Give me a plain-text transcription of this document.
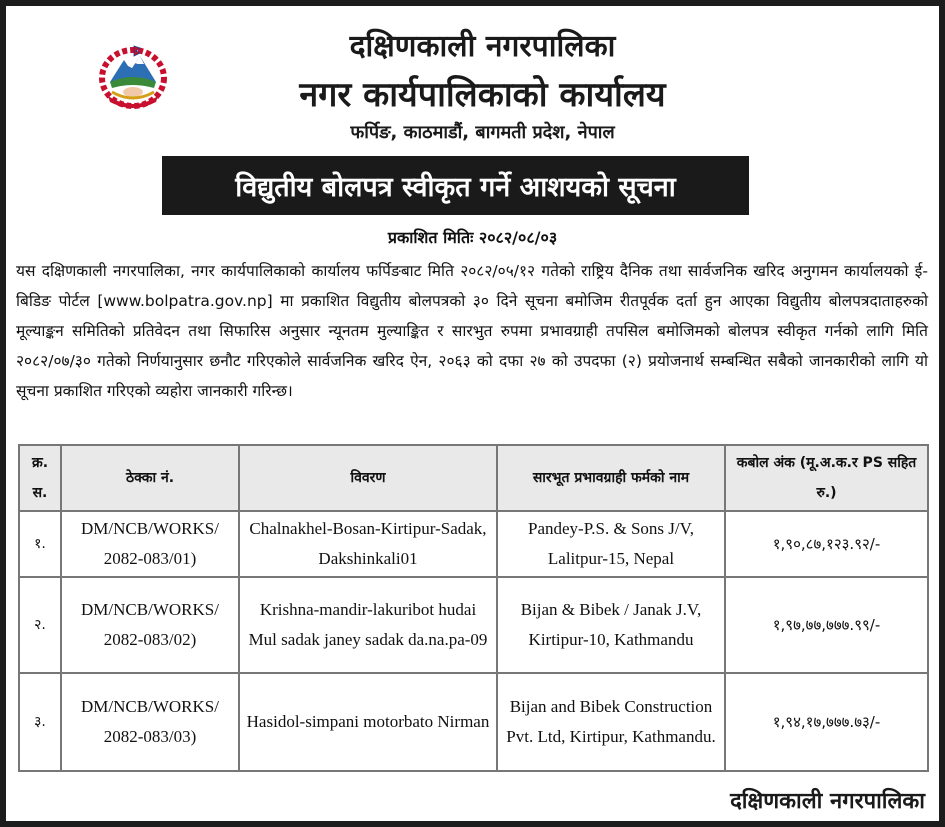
दक्षिणकाली नगरपालिका
नगर कार्यपालिकाको कार्यालय
फर्पिङ, काठमाडौं, बागमती प्रदेश, नेपाल
विद्युतीय बोलपत्र स्वीकृत गर्ने आशयको सूचना
प्रकाशित मितिः २०८२/०८/०३
यस दक्षिणकाली नगरपालिका, नगर कार्यपालिकाको कार्यालय फर्पिङबाट मिति २०८२/०५/१२ गतेको राष्ट्रिय दैनिक तथा सार्वजनिक खरिद अनुगमन कार्यालयको ई-बिडिङ पोर्टल [www.bolpatra.gov.np] मा प्रकाशित विद्युतीय बोलपत्रको ३० दिने सूचना बमोजिम रीतपूर्वक दर्ता हुन आएका विद्युतीय बोलपत्रदाताहरुको मूल्याङ्कन समितिको प्रतिवेदन तथा सिफारिस अनुसार न्यूनतम मुल्याङ्कित र सारभुत रुपमा प्रभावग्राही तपसिल बमोजिमको बोलपत्र स्वीकृत गर्नको लागि मिति २०८२/०७/३० गतेको निर्णयानुसार छनौट गरिएकोले सार्वजनिक खरिद ऐन, २०६३ को दफा २७ को उपदफा (२) प्रयोजनार्थ सम्बन्धित सबैको जानकारीको लागि यो सूचना प्रकाशित गरिएको व्यहोरा जानकारी गरिन्छ।
क्र. स.	ठेक्का नं.	विवरण	सारभूत प्रभावग्राही फर्मको नाम	कबोल अंक (मू.अ.क.र PS सहित रु.)
१.	DM/NCB/WORKS/ 2082-083/01)	Chalnakhel-Bosan-Kirtipur-Sadak, Dakshinkali01	Pandey-P.S. & Sons J/V, Lalitpur-15, Nepal	१,९०,८७,१२३.९२/-
२.	DM/NCB/WORKS/ 2082-083/02)	Krishna-mandir-lakuribot hudai Mul sadak janey sadak da.na.pa-09	Bijan & Bibek / Janak J.V, Kirtipur-10, Kathmandu	१,९७,७७,७७७.९९/-
३.	DM/NCB/WORKS/ 2082-083/03)	Hasidol-simpani motorbato Nirman	Bijan and Bibek Construction Pvt. Ltd, Kirtipur, Kathmandu.	१,९४,१७,७७७.७३/-
दक्षिणकाली नगरपालिका
